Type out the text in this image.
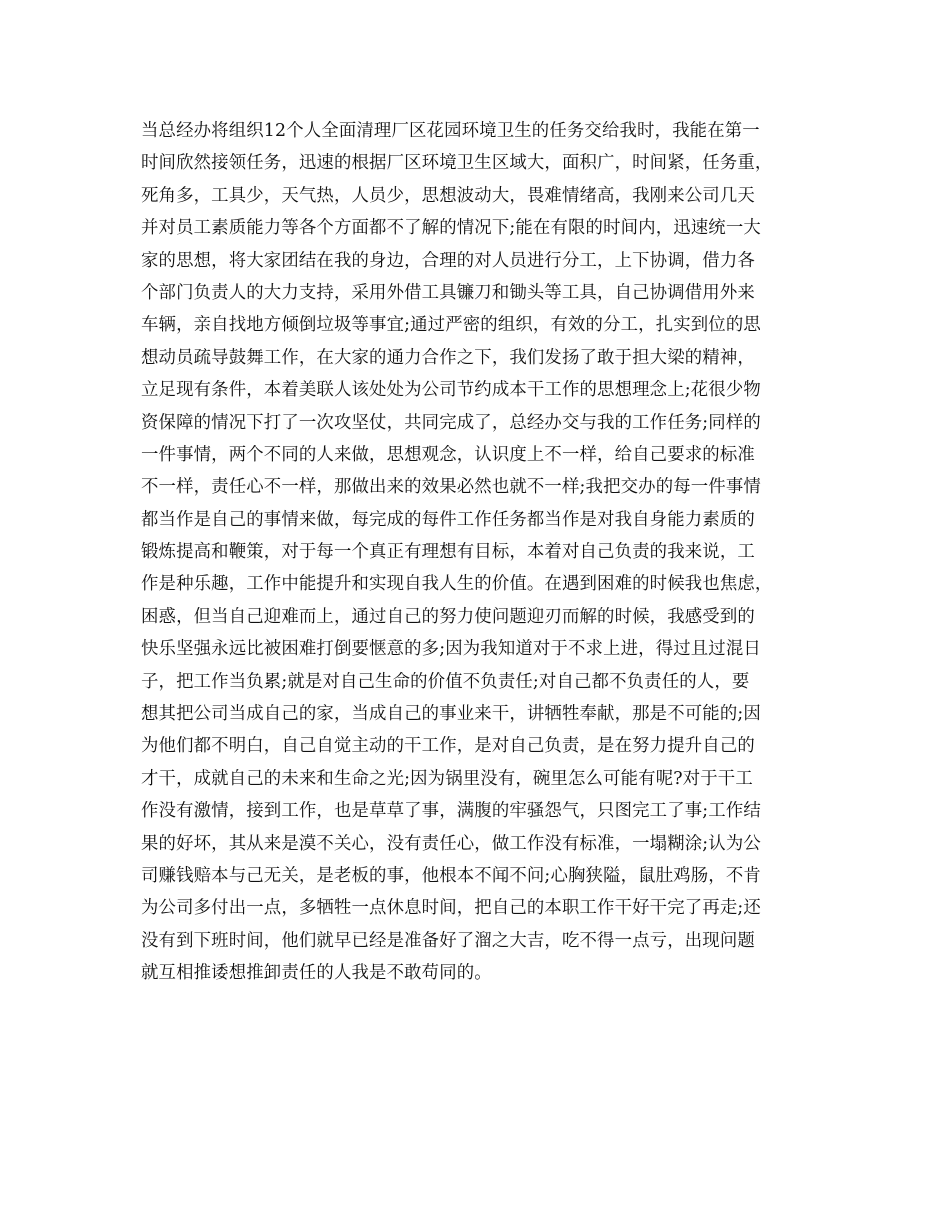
当总经办将组织12个人全面清理厂区花园环境卫生的任务交给我时，我能在第一
时间欣然接领任务，迅速的根据厂区环境卫生区域大，面积广，时间紧，任务重，
死角多，工具少，天气热，人员少，思想波动大，畏难情绪高，我刚来公司几天
并对员工素质能力等各个方面都不了解的情况下;能在有限的时间内，迅速统一大
家的思想，将大家团结在我的身边，合理的对人员进行分工，上下协调，借力各
个部门负责人的大力支持，采用外借工具镰刀和锄头等工具，自己协调借用外来
车辆，亲自找地方倾倒垃圾等事宜;通过严密的组织，有效的分工，扎实到位的思
想动员疏导鼓舞工作，在大家的通力合作之下，我们发扬了敢于担大梁的精神，
立足现有条件，本着美联人该处处为公司节约成本干工作的思想理念上;花很少物
资保障的情况下打了一次攻坚仗，共同完成了，总经办交与我的工作任务;同样的
一件事情，两个不同的人来做，思想观念，认识度上不一样，给自己要求的标准
不一样，责任心不一样，那做出来的效果必然也就不一样;我把交办的每一件事情
都当作是自己的事情来做，每完成的每件工作任务都当作是对我自身能力素质的
锻炼提高和鞭策，对于每一个真正有理想有目标，本着对自己负责的我来说，工
作是种乐趣，工作中能提升和实现自我人生的价值。在遇到困难的时候我也焦虑，
困惑，但当自己迎难而上，通过自己的努力使问题迎刃而解的时候，我感受到的
快乐坚强永远比被困难打倒要惬意的多;因为我知道对于不求上进，得过且过混日
子，把工作当负累;就是对自己生命的价值不负责任;对自己都不负责任的人，要
想其把公司当成自己的家，当成自己的事业来干，讲牺牲奉献，那是不可能的;因
为他们都不明白，自己自觉主动的干工作，是对自己负责，是在努力提升自己的
才干，成就自己的未来和生命之光;因为锅里没有，碗里怎么可能有呢?对于干工
作没有激情，接到工作，也是草草了事，满腹的牢骚怨气，只图完工了事;工作结
果的好坏，其从来是漠不关心，没有责任心，做工作没有标准，一塌糊涂;认为公
司赚钱赔本与己无关，是老板的事，他根本不闻不问;心胸狭隘，鼠肚鸡肠，不肯
为公司多付出一点，多牺牲一点休息时间，把自己的本职工作干好干完了再走;还
没有到下班时间，他们就早已经是准备好了溜之大吉，吃不得一点亏，出现问题
就互相推诿想推卸责任的人我是不敢苟同的。
